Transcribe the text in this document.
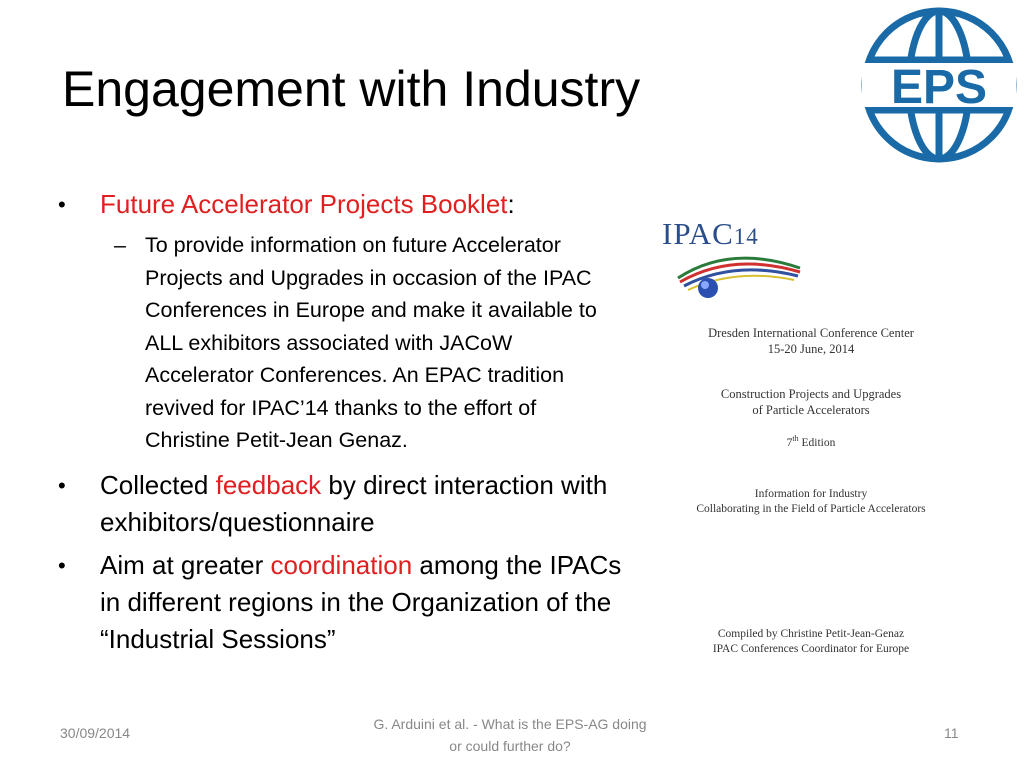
Engagement with Industry	EPS
• Future Accelerator Projects Booklet:
– To provide information on future Accelerator Projects and Upgrades in occasion of the IPAC Conferences in Europe and make it available to ALL exhibitors associated with JACoW Accelerator Conferences. An EPAC tradition revived for IPAC’14 thanks to the effort of Christine Petit-Jean Genaz.
• Collected feedback by direct interaction with exhibitors/questionnaire
• Aim at greater coordination among the IPACs in different regions in the Organization of the “Industrial Sessions”
IPAC14
Dresden International Conference Center
15-20 June, 2014
Construction Projects and Upgrades
of Particle Accelerators
7th Edition
Information for Industry
Collaborating in the Field of Particle Accelerators
Compiled by Christine Petit-Jean-Genaz
IPAC Conferences Coordinator for Europe
30/09/2014
G. Arduini et al. - What is the EPS-AG doing
or could further do?
11
